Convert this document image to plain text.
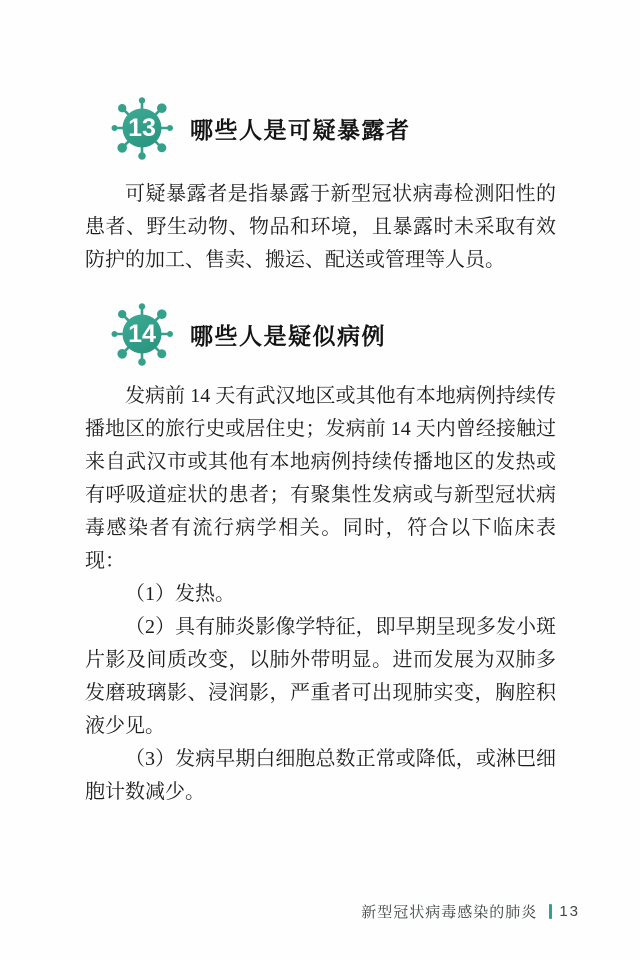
13	哪些人是可疑暴露者

可疑暴露者是指暴露于新型冠状病毒检测阳性的患者、野生动物、物品和环境，且暴露时未采取有效防护的加工、售卖、搬运、配送或管理等人员。

14	哪些人是疑似病例

发病前 14 天有武汉地区或其他有本地病例持续传播地区的旅行史或居住史；发病前 14 天内曾经接触过来自武汉市或其他有本地病例持续传播地区的发热或有呼吸道症状的患者；有聚集性发病或与新型冠状病毒感染者有流行病学相关。同时，符合以下临床表现：

（1）发热。

（2）具有肺炎影像学特征，即早期呈现多发小斑片影及间质改变，以肺外带明显。进而发展为双肺多发磨玻璃影、浸润影，严重者可出现肺实变，胸腔积液少见。

（3）发病早期白细胞总数正常或降低，或淋巴细胞计数减少。

新型冠状病毒感染的肺炎 13
